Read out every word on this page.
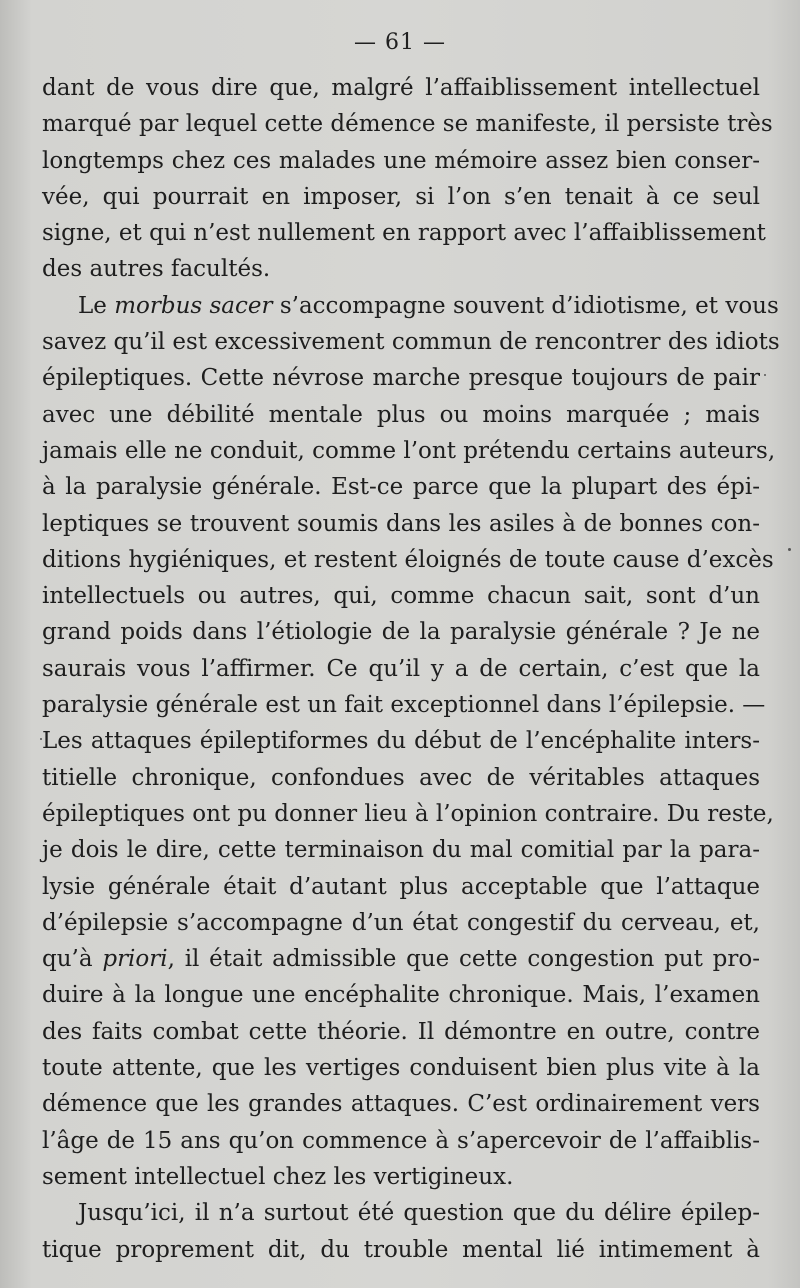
— 61 —
dant de vous dire que, malgré l’affaiblissement intellectuel
marqué par lequel cette démence se manifeste, il persiste très
longtemps chez ces malades une mémoire assez bien conser-
vée, qui pourrait en imposer, si l’on s’en tenait à ce seul
signe, et qui n’est nullement en rapport avec l’affaiblissement
des autres facultés.
Le morbus sacer s’accompagne souvent d’idiotisme, et vous
savez qu’il est excessivement commun de rencontrer des idiots
épileptiques. Cette névrose marche presque toujours de pair
avec une débilité mentale plus ou moins marquée ; mais
jamais elle ne conduit, comme l’ont prétendu certains auteurs,
à la paralysie générale. Est-ce parce que la plupart des épi-
leptiques se trouvent soumis dans les asiles à de bonnes con-
ditions hygiéniques, et restent éloignés de toute cause d’excès
intellectuels ou autres, qui, comme chacun sait, sont d’un
grand poids dans l’étiologie de la paralysie générale ? Je ne
saurais vous l’affirmer. Ce qu’il y a de certain, c’est que la
paralysie générale est un fait exceptionnel dans l’épilepsie. —
Les attaques épileptiformes du début de l’encéphalite inters-
titielle chronique, confondues avec de véritables attaques
épileptiques ont pu donner lieu à l’opinion contraire. Du reste,
je dois le dire, cette terminaison du mal comitial par la para-
lysie générale était d’autant plus acceptable que l’attaque
d’épilepsie s’accompagne d’un état congestif du cerveau, et,
qu’à priori, il était admissible que cette congestion put pro-
duire à la longue une encéphalite chronique. Mais, l’examen
des faits combat cette théorie. Il démontre en outre, contre
toute attente, que les vertiges conduisent bien plus vite à la
démence que les grandes attaques. C’est ordinairement vers
l’âge de 15 ans qu’on commence à s’apercevoir de l’affaiblis-
sement intellectuel chez les vertigineux.
Jusqu’ici, il n’a surtout été question que du délire épilep-
tique proprement dit, du trouble mental lié intimement à
